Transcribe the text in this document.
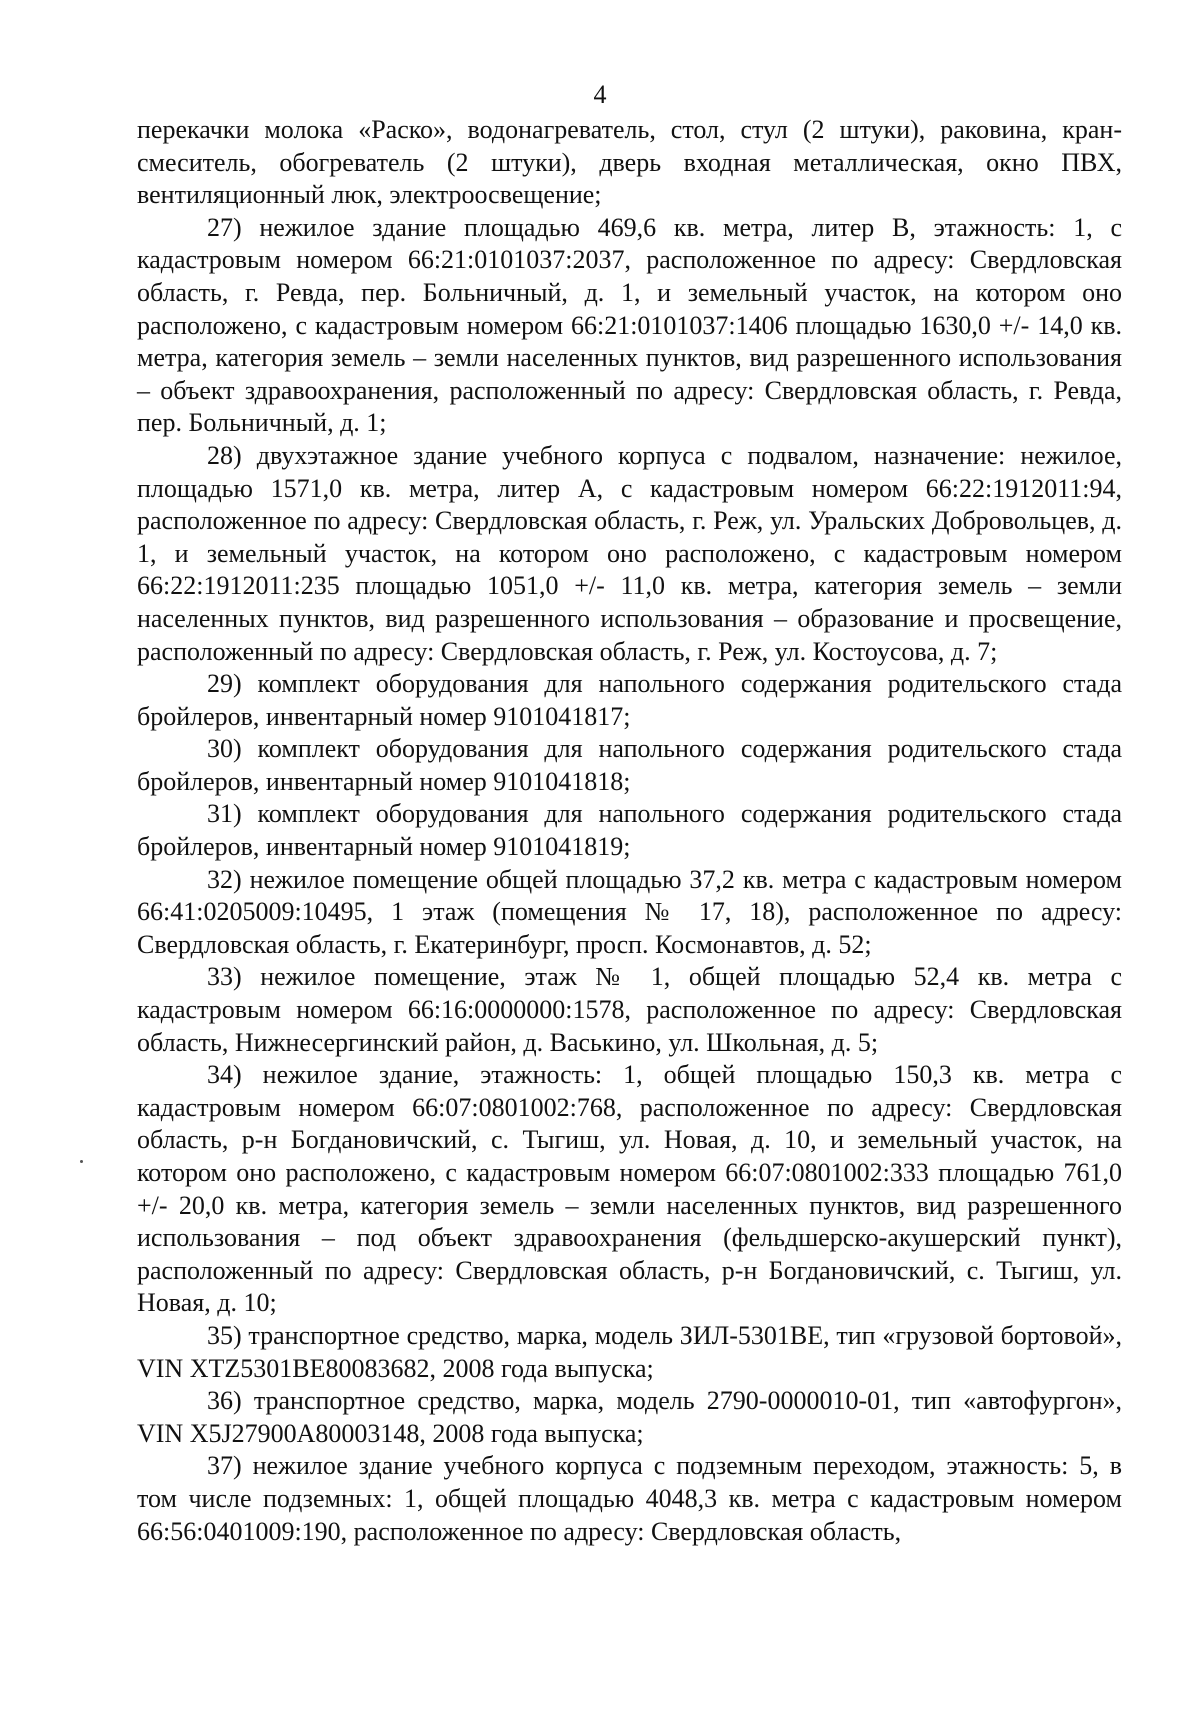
4

перекачки молока «Раско», водонагреватель, стол, стул (2 штуки), раковина, кран-смеситель, обогреватель (2 штуки), дверь входная металлическая, окно ПВХ, вентиляционный люк, электроосвещение;

27) нежилое здание площадью 469,6 кв. метра, литер В, этажность: 1, с кадастровым номером 66:21:0101037:2037, расположенное по адресу: Свердловская область, г. Ревда, пер. Больничный, д. 1, и земельный участок, на котором оно расположено, с кадастровым номером 66:21:0101037:1406 площадью 1630,0 +/- 14,0 кв. метра, категория земель – земли населенных пунктов, вид разрешенного использования – объект здравоохранения, расположенный по адресу: Свердловская область, г. Ревда, пер. Больничный, д. 1;

28) двухэтажное здание учебного корпуса с подвалом, назначение: нежилое, площадью 1571,0 кв. метра, литер А, с кадастровым номером 66:22:1912011:94, расположенное по адресу: Свердловская область, г. Реж, ул. Уральских Добровольцев, д. 1, и земельный участок, на котором оно расположено, с кадастровым номером 66:22:1912011:235 площадью 1051,0 +/- 11,0 кв. метра, категория земель – земли населенных пунктов, вид разрешенного использования – образование и просвещение, расположенный по адресу: Свердловская область, г. Реж, ул. Костоусова, д. 7;

29) комплект оборудования для напольного содержания родительского стада бройлеров, инвентарный номер 9101041817;

30) комплект оборудования для напольного содержания родительского стада бройлеров, инвентарный номер 9101041818;

31) комплект оборудования для напольного содержания родительского стада бройлеров, инвентарный номер 9101041819;

32) нежилое помещение общей площадью 37,2 кв. метра с кадастровым номером 66:41:0205009:10495, 1 этаж (помещения № 17, 18), расположенное по адресу: Свердловская область, г. Екатеринбург, просп. Космонавтов, д. 52;

33) нежилое помещение, этаж № 1, общей площадью 52,4 кв. метра с кадастровым номером 66:16:0000000:1578, расположенное по адресу: Свердловская область, Нижнесергинский район, д. Васькино, ул. Школьная, д. 5;

34) нежилое здание, этажность: 1, общей площадью 150,3 кв. метра с кадастровым номером 66:07:0801002:768, расположенное по адресу: Свердловская область, р-н Богдановичский, с. Тыгиш, ул. Новая, д. 10, и земельный участок, на котором оно расположено, с кадастровым номером 66:07:0801002:333 площадью 761,0 +/- 20,0 кв. метра, категория земель – земли населенных пунктов, вид разрешенного использования – под объект здравоохранения (фельдшерско-акушерский пункт), расположенный по адресу: Свердловская область, р-н Богдановичский, с. Тыгиш, ул. Новая, д. 10;

35) транспортное средство, марка, модель ЗИЛ-5301ВЕ, тип «грузовой бортовой», VIN XTZ5301BE80083682, 2008 года выпуска;

36) транспортное средство, марка, модель 2790-0000010-01, тип «автофургон», VIN X5J27900A80003148, 2008 года выпуска;

37) нежилое здание учебного корпуса с подземным переходом, этажность: 5, в том числе подземных: 1, общей площадью 4048,3 кв. метра с кадастровым номером 66:56:0401009:190, расположенное по адресу: Свердловская область,
